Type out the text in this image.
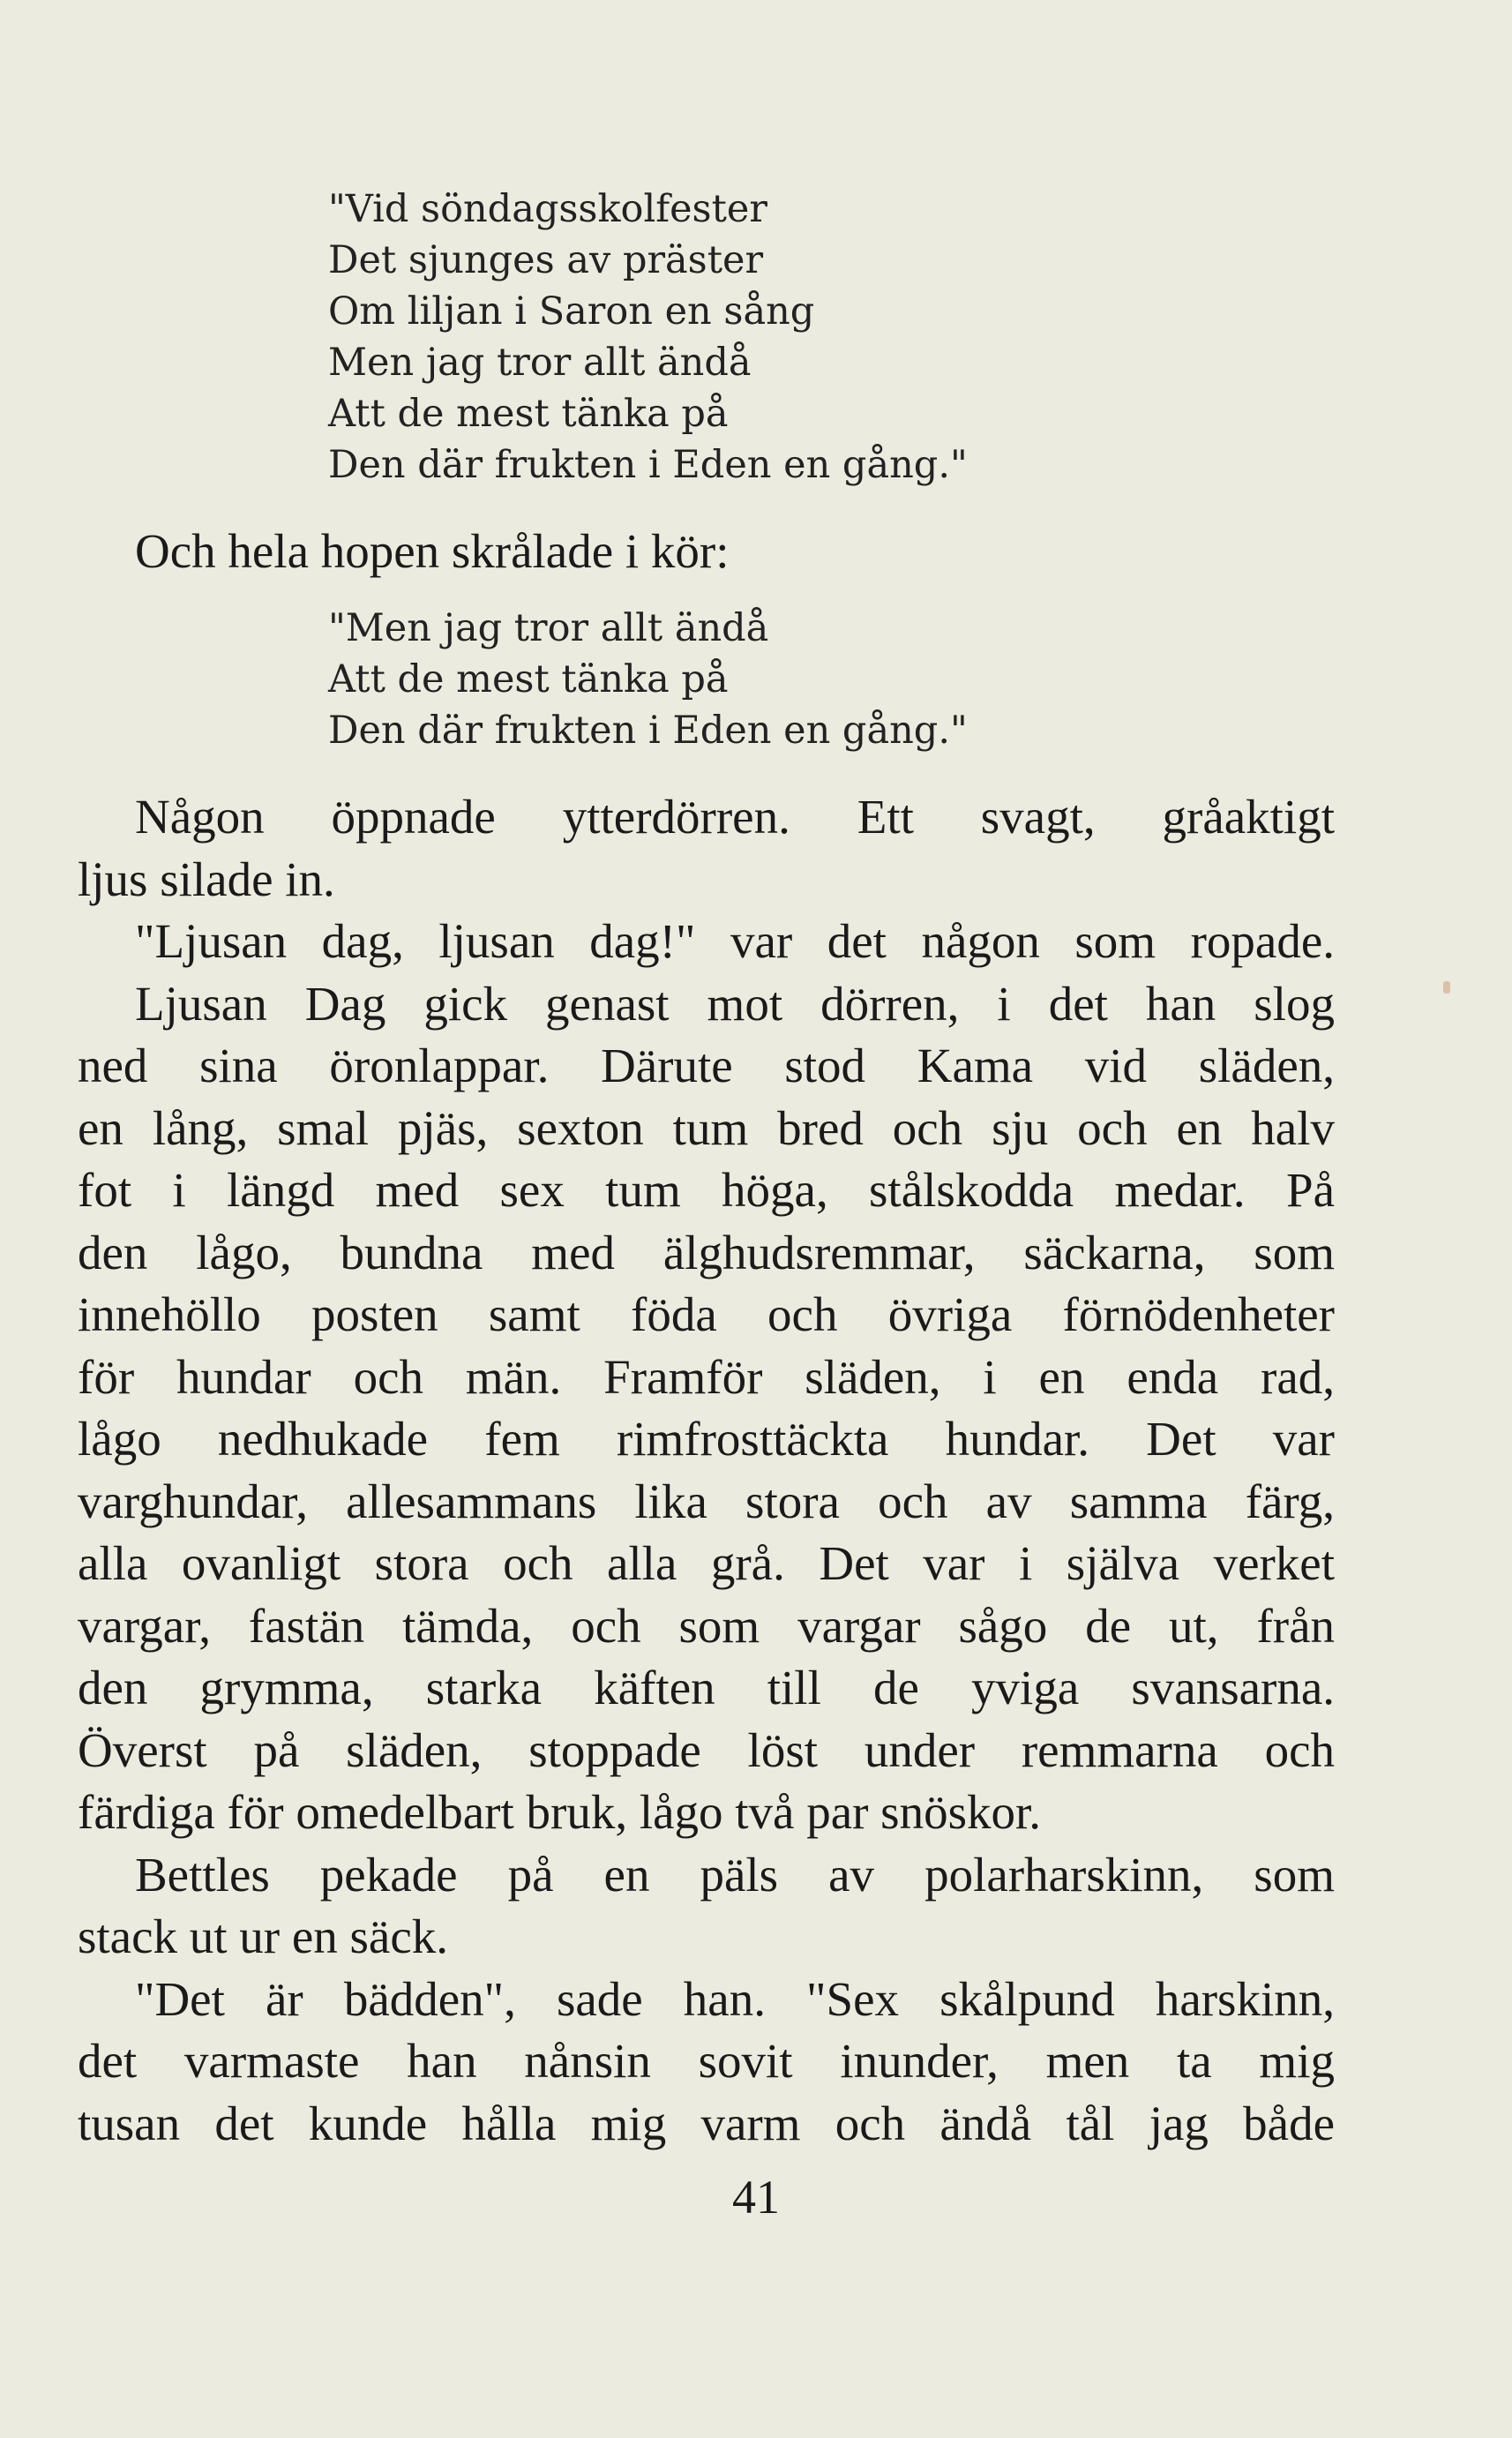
"Vid söndagsskolfester
Det sjunges av präster
Om liljan i Saron en sång
Men jag tror allt ändå
Att de mest tänka på
Den där frukten i Eden en gång."
Och hela hopen skrålade i kör:
"Men jag tror allt ändå
Att de mest tänka på
Den där frukten i Eden en gång."
Någon öppnade ytterdörren. Ett svagt, gråaktigt
ljus silade in.
"Ljusan dag, ljusan dag!" var det någon som ropade.
Ljusan Dag gick genast mot dörren, i det han slog
ned sina öronlappar. Därute stod Kama vid släden,
en lång, smal pjäs, sexton tum bred och sju och en halv
fot i längd med sex tum höga, stålskodda medar. På
den lågo, bundna med älghudsremmar, säckarna, som
innehöllo posten samt föda och övriga förnödenheter
för hundar och män. Framför släden, i en enda rad,
lågo nedhukade fem rimfrosttäckta hundar. Det var
varghundar, allesammans lika stora och av samma färg,
alla ovanligt stora och alla grå. Det var i själva verket
vargar, fastän tämda, och som vargar sågo de ut, från
den grymma, starka käften till de yviga svansarna.
Överst på släden, stoppade löst under remmarna och
färdiga för omedelbart bruk, lågo två par snöskor.
Bettles pekade på en päls av polarharskinn, som
stack ut ur en säck.
"Det är bädden", sade han. "Sex skålpund harskinn,
det varmaste han nånsin sovit inunder, men ta mig
tusan det kunde hålla mig varm och ändå tål jag både
41
